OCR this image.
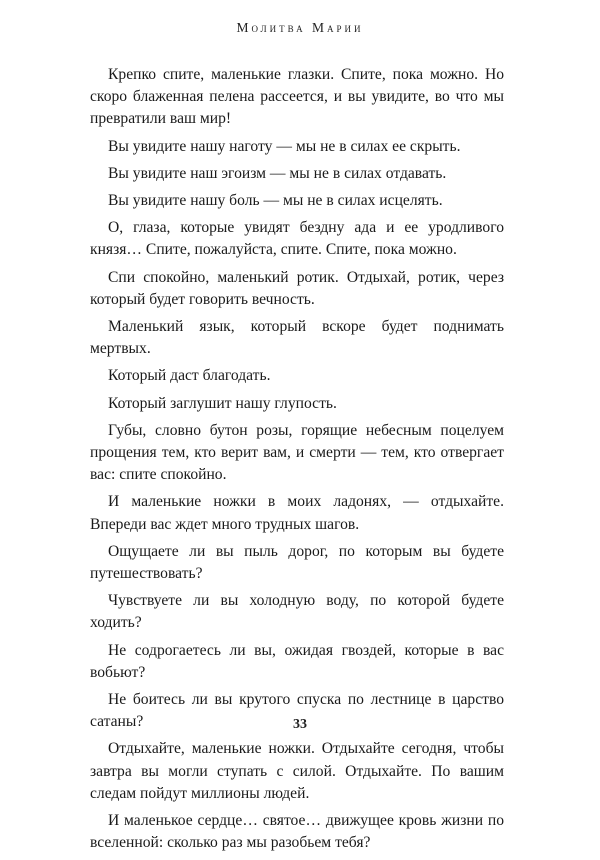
Молитва Марии

Крепко спите, маленькие глазки. Спите, пока можно. Но скоро блаженная пелена рассеется, и вы увидите, во что мы превратили ваш мир!

Вы увидите нашу наготу — мы не в силах ее скрыть.

Вы увидите наш эгоизм — мы не в силах отдавать.

Вы увидите нашу боль — мы не в силах исцелять.

О, глаза, которые увидят бездну ада и ее уродливого князя… Спите, пожалуйста, спите. Спите, пока можно.

Спи спокойно, маленький ротик. Отдыхай, ротик, через который будет говорить вечность.

Маленький язык, который вскоре будет поднимать мертвых.

Который даст благодать.

Который заглушит нашу глупость.

Губы, словно бутон розы, горящие небесным поцелуем прощения тем, кто верит вам, и смерти — тем, кто отвергает вас: спите спокойно.

И маленькие ножки в моих ладонях, — отдыхайте. Впереди вас ждет много трудных шагов.

Ощущаете ли вы пыль дорог, по которым вы будете путешествовать?

Чувствуете ли вы холодную воду, по которой будете ходить?

Не содрогаетесь ли вы, ожидая гвоздей, которые в вас вобьют?

Не боитесь ли вы крутого спуска по лестнице в царство сатаны?

Отдыхайте, маленькие ножки. Отдыхайте сегодня, чтобы завтра вы могли ступать с силой. Отдыхайте. По вашим следам пойдут миллионы людей.

И маленькое сердце… святое… движущее кровь жизни по вселенной: сколько раз мы разобьем тебя?

33
